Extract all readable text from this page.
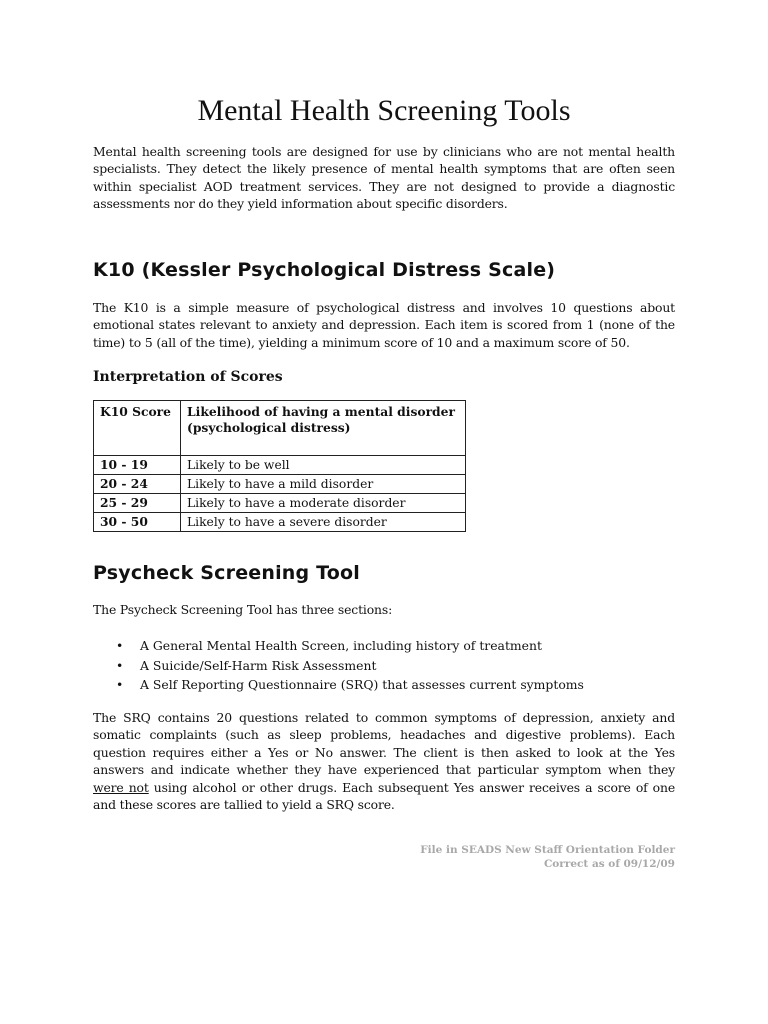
Mental Health Screening Tools

Mental health screening tools are designed for use by clinicians who are not mental health specialists. They detect the likely presence of mental health symptoms that are often seen within specialist AOD treatment services. They are not designed to provide a diagnostic assessments nor do they yield information about specific disorders.

K10 (Kessler Psychological Distress Scale)

The K10 is a simple measure of psychological distress and involves 10 questions about emotional states relevant to anxiety and depression. Each item is scored from 1 (none of the time) to 5 (all of the time), yielding a minimum score of 10 and a maximum score of 50.

Interpretation of Scores
K10 Score	Likelihood of having a mental disorder (psychological distress)
10 - 19	Likely to be well
20 - 24	Likely to have a mild disorder
25 - 29	Likely to have a moderate disorder
30 - 50	Likely to have a severe disorder
Psycheck Screening Tool

The Psycheck Screening Tool has three sections:

• A General Mental Health Screen, including history of treatment
• A Suicide/Self-Harm Risk Assessment
• A Self Reporting Questionnaire (SRQ) that assesses current symptoms

The SRQ contains 20 questions related to common symptoms of depression, anxiety and somatic complaints (such as sleep problems, headaches and digestive problems). Each question requires either a Yes or No answer. The client is then asked to look at the Yes answers and indicate whether they have experienced that particular symptom when they were not using alcohol or other drugs. Each subsequent Yes answer receives a score of one and these scores are tallied to yield a SRQ score.

File in SEADS New Staff Orientation Folder
Correct as of 09/12/09
